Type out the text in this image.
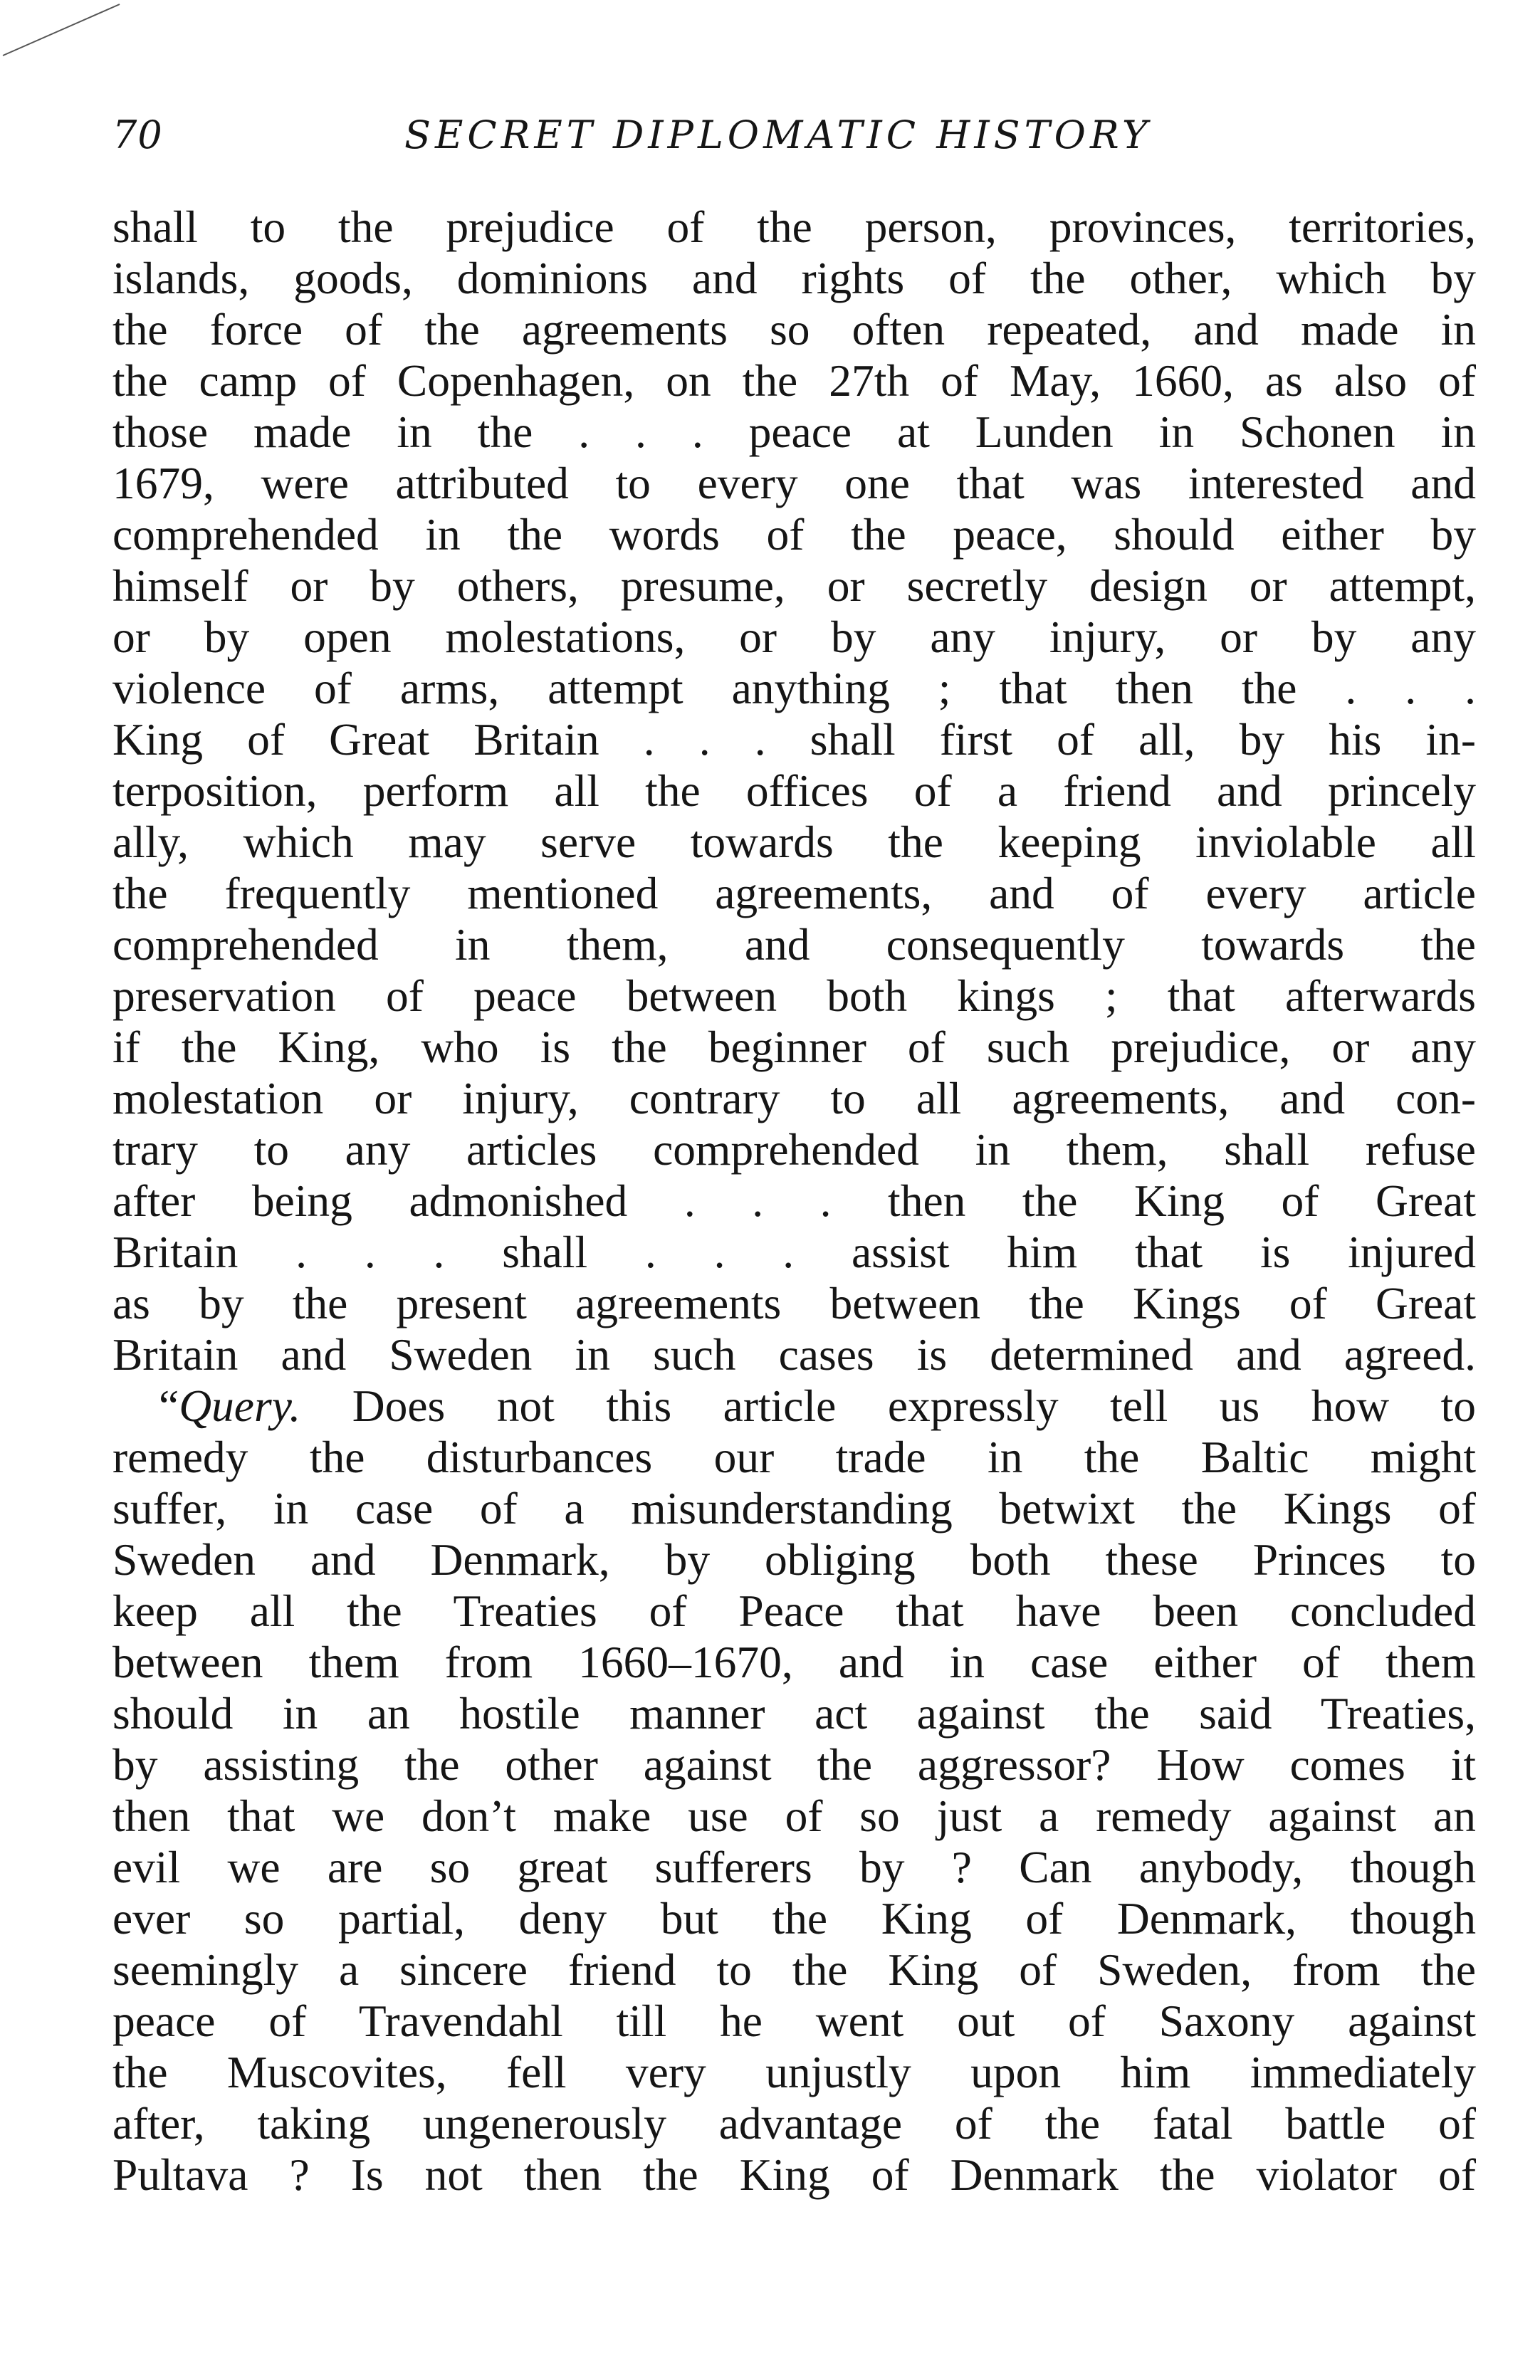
70	SECRET DIPLOMATIC HISTORY
shall to the prejudice of the person, provinces, territories,
islands, goods, dominions and rights of the other, which by
the force of the agreements so often repeated, and made in
the camp of Copenhagen, on the 27th of May, 1660, as also of
those made in the . . . peace at Lunden in Schonen in
1679, were attributed to every one that was interested and
comprehended in the words of the peace, should either by
himself or by others, presume, or secretly design or attempt,
or by open molestations, or by any injury, or by any
violence of arms, attempt anything ; that then the . . .
King of Great Britain . . . shall first of all, by his in-
terposition, perform all the offices of a friend and princely
ally, which may serve towards the keeping inviolable all
the frequently mentioned agreements, and of every article
comprehended in them, and consequently towards the
preservation of peace between both kings ; that afterwards
if the King, who is the beginner of such prejudice, or any
molestation or injury, contrary to all agreements, and con-
trary to any articles comprehended in them, shall refuse
after being admonished . . . then the King of Great
Britain . . . shall . . . assist him that is injured
as by the present agreements between the Kings of Great
Britain and Sweden in such cases is determined and agreed.
“Query. Does not this article expressly tell us how to
remedy the disturbances our trade in the Baltic might
suffer, in case of a misunderstanding betwixt the Kings of
Sweden and Denmark, by obliging both these Princes to
keep all the Treaties of Peace that have been concluded
between them from 1660–1670, and in case either of them
should in an hostile manner act against the said Treaties,
by assisting the other against the aggressor? How comes it
then that we don’t make use of so just a remedy against an
evil we are so great sufferers by ? Can anybody, though
ever so partial, deny but the King of Denmark, though
seemingly a sincere friend to the King of Sweden, from the
peace of Travendahl till he went out of Saxony against
the Muscovites, fell very unjustly upon him immediately
after, taking ungenerously advantage of the fatal battle of
Pultava ? Is not then the King of Denmark the violator of
